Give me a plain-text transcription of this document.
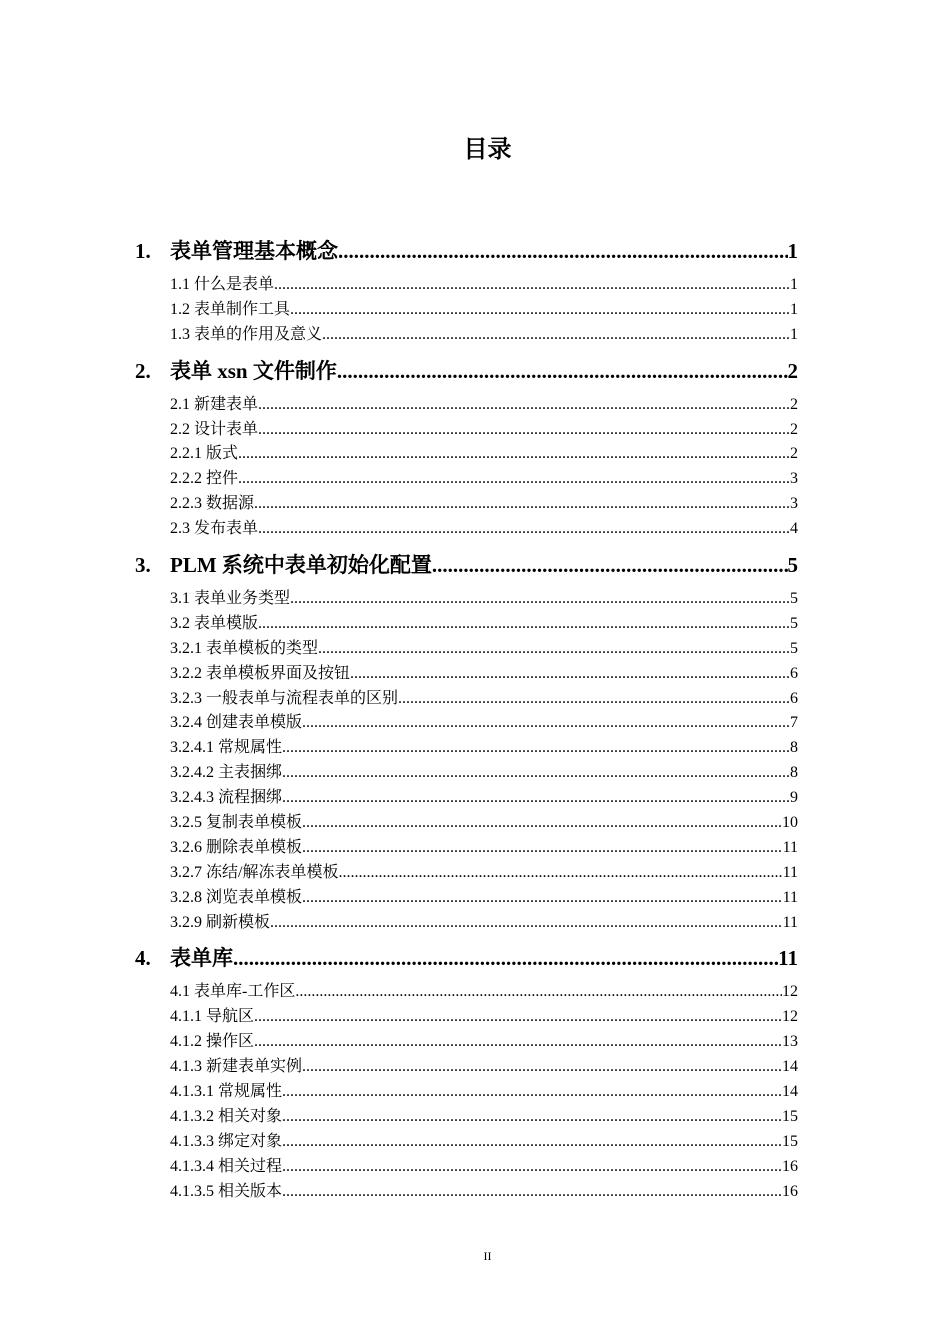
目录
1. 表单管理基本概念 .....	1
1.1 什么是表单 .....	1
1.2 表单制作工具 .....	1
1.3 表单的作用及意义 .....	1
2. 表单 xsn 文件制作 .....	2
2.1 新建表单 .....	2
2.2 设计表单 .....	2
2.2.1 版式 .....	2
2.2.2 控件 .....	3
2.2.3 数据源 .....	3
2.3 发布表单 .....	4
3. PLM 系统中表单初始化配置 .....	5
3.1 表单业务类型 .....	5
3.2 表单模版 .....	5
3.2.1 表单模板的类型 .....	5
3.2.2 表单模板界面及按钮 .....	6
3.2.3 一般表单与流程表单的区别 .....	6
3.2.4 创建表单模版 .....	7
3.2.4.1 常规属性 .....	8
3.2.4.2 主表捆绑 .....	8
3.2.4.3 流程捆绑 .....	9
3.2.5 复制表单模板 .....	10
3.2.6 删除表单模板 .....	11
3.2.7 冻结/解冻表单模板 .....	11
3.2.8 浏览表单模板 .....	11
3.2.9 刷新模板 .....	11
4. 表单库 .....	11
4.1 表单库-工作区 .....	12
4.1.1 导航区 .....	12
4.1.2 操作区 .....	13
4.1.3 新建表单实例 .....	14
4.1.3.1 常规属性 .....	14
4.1.3.2 相关对象 .....	15
4.1.3.3 绑定对象 .....	15
4.1.3.4 相关过程 .....	16
4.1.3.5 相关版本 .....	16
II
